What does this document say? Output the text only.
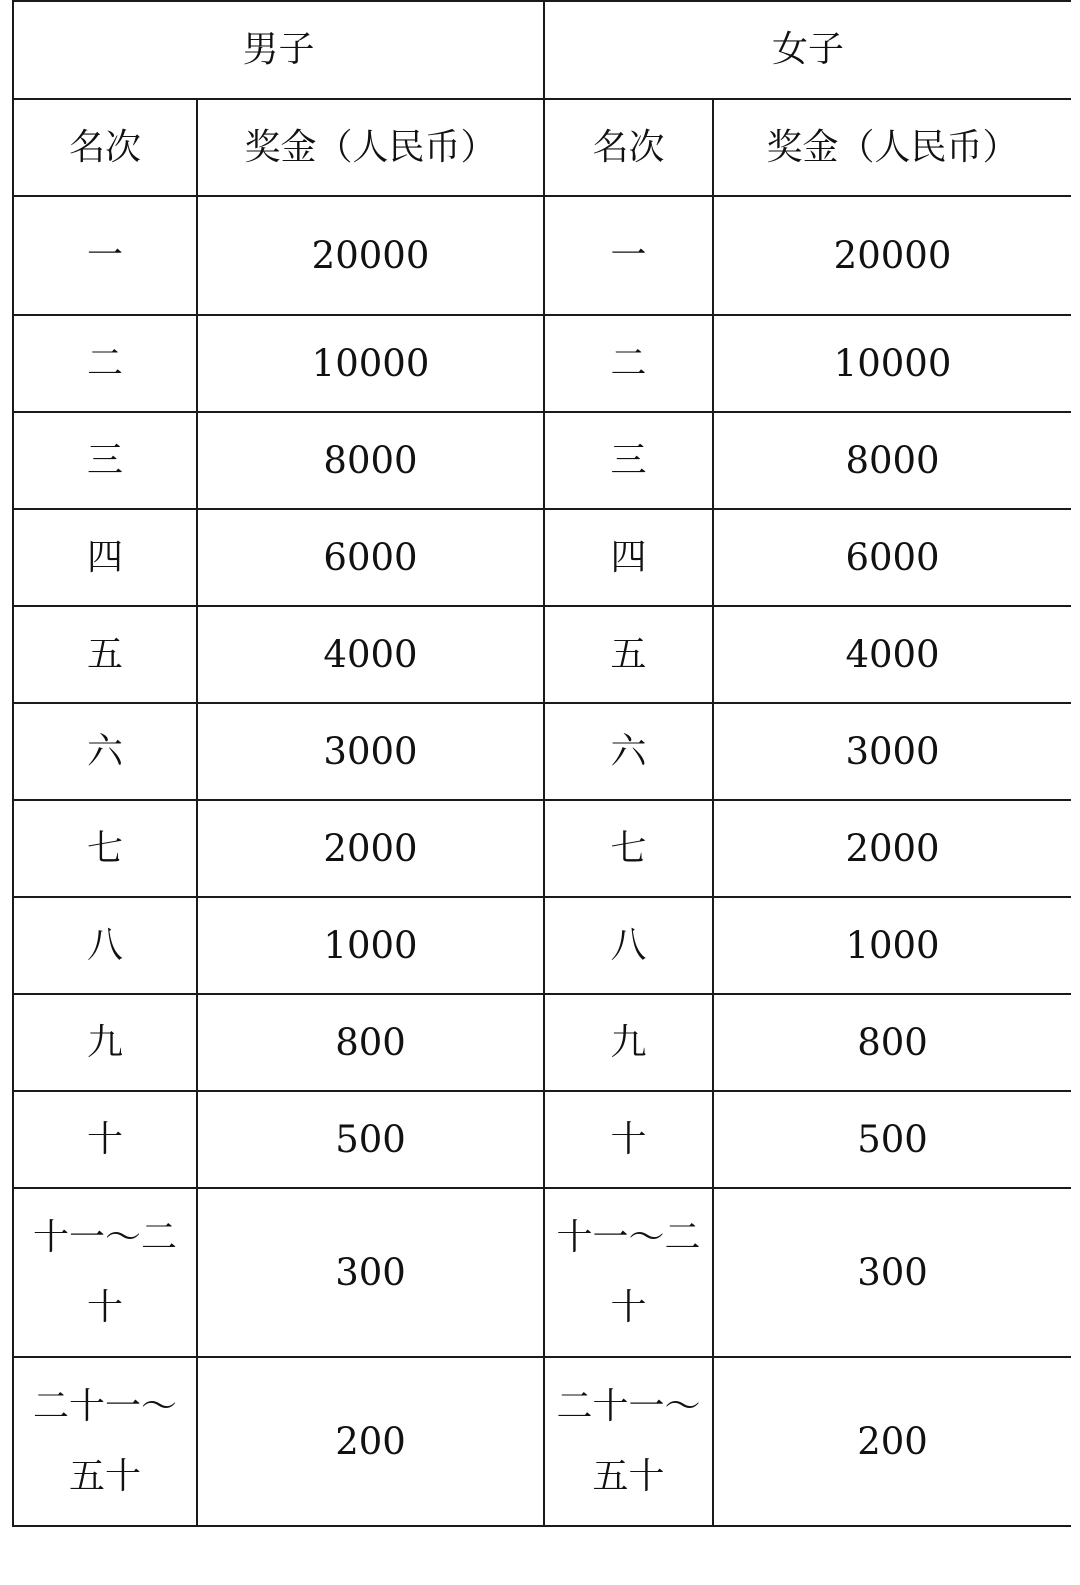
男子		女子	
名次	奖金（人民币）	名次	奖金（人民币）
一	20000	一	20000
二	10000	二	10000
三	8000	三	8000
四	6000	四	6000
五	4000	五	4000
六	3000	六	3000
七	2000	七	2000
八	1000	八	1000
九	800	九	800
十	500	十	500
十一～二十	300	十一～二十	300
二十一～五十	200	二十一～五十	200
